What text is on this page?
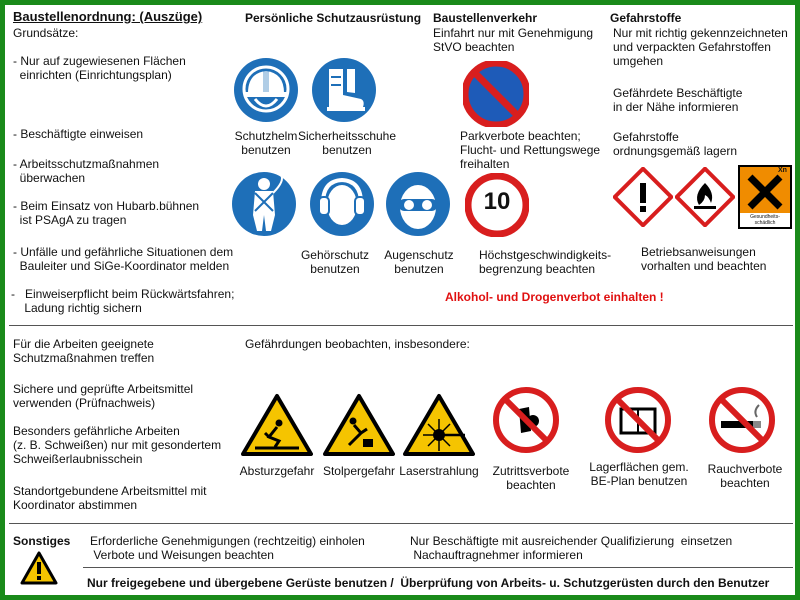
Baustellenordnung: (Auszüge)	Persönliche Schutzausrüstung Baustellenverkehr	Gefahrstoffe
Grundsätze:
- Nur auf zugewiesenen Flächen
einrichten (Einrichtungsplan)
- Beschäftigte einweisen
- Arbeitsschutzmaßnahmen
überwachen
- Beim Einsatz von Hubarb.bühnen
ist PSAgA zu tragen
- Unfälle und gefährliche Situationen dem
Bauleiter und SiGe-Koordinator melden
-   Einweiserpflicht beim Rückwärtsfahren;
Ladung richtig sichern
Schutzhelm
benutzen
Sicherheitsschuhe
benutzen
Gehörschutz
benutzen
Augenschutz
benutzen
Einfahrt nur mit Genehmigung
StVO beachten
Parkverbote beachten;
Flucht- und Rettungswege
freihalten
10
Höchstgeschwindigkeits-
begrenzung beachten
Nur mit richtig gekennzeichneten
und verpackten Gefahrstoffen
umgehen
Gefährdete Beschäftigte
in der Nähe informieren
Gefahrstoffe
ordnungsgemäß lagern
Xn
Gesundheits-
schädlich
Betriebsanweisungen
vorhalten und beachten
Alkohol- und Drogenverbot einhalten !
Für die Arbeiten geeignete
Schutzmaßnahmen treffen
Sichere und geprüfte Arbeitsmittel
verwenden (Prüfnachweis)
Besonders gefährliche Arbeiten
(z. B. Schweißen) nur mit gesondertem
Schweißerlaubnisschein
Standortgebundene Arbeitsmittel mit
Koordinator abstimmen
Gefährdungen beobachten, insbesondere:
Absturzgefahr Stolpergefahr Laserstrahlung	Zutrittsverbote
beachten
Lagerflächen gem.
BE-Plan benutzen
Rauchverbote
beachten
Sonstiges Erforderliche Genehmigungen (rechtzeitig) einholen
Verbote und Weisungen beachten
Nur Beschäftigte mit ausreichender Qualifizierung  einsetzen
Nachauftragnehmer informieren
Nur freigegebene und übergebene Gerüste benutzen /  Überprüfung von Arbeits- u. Schutzgerüsten durch den Benutzer
